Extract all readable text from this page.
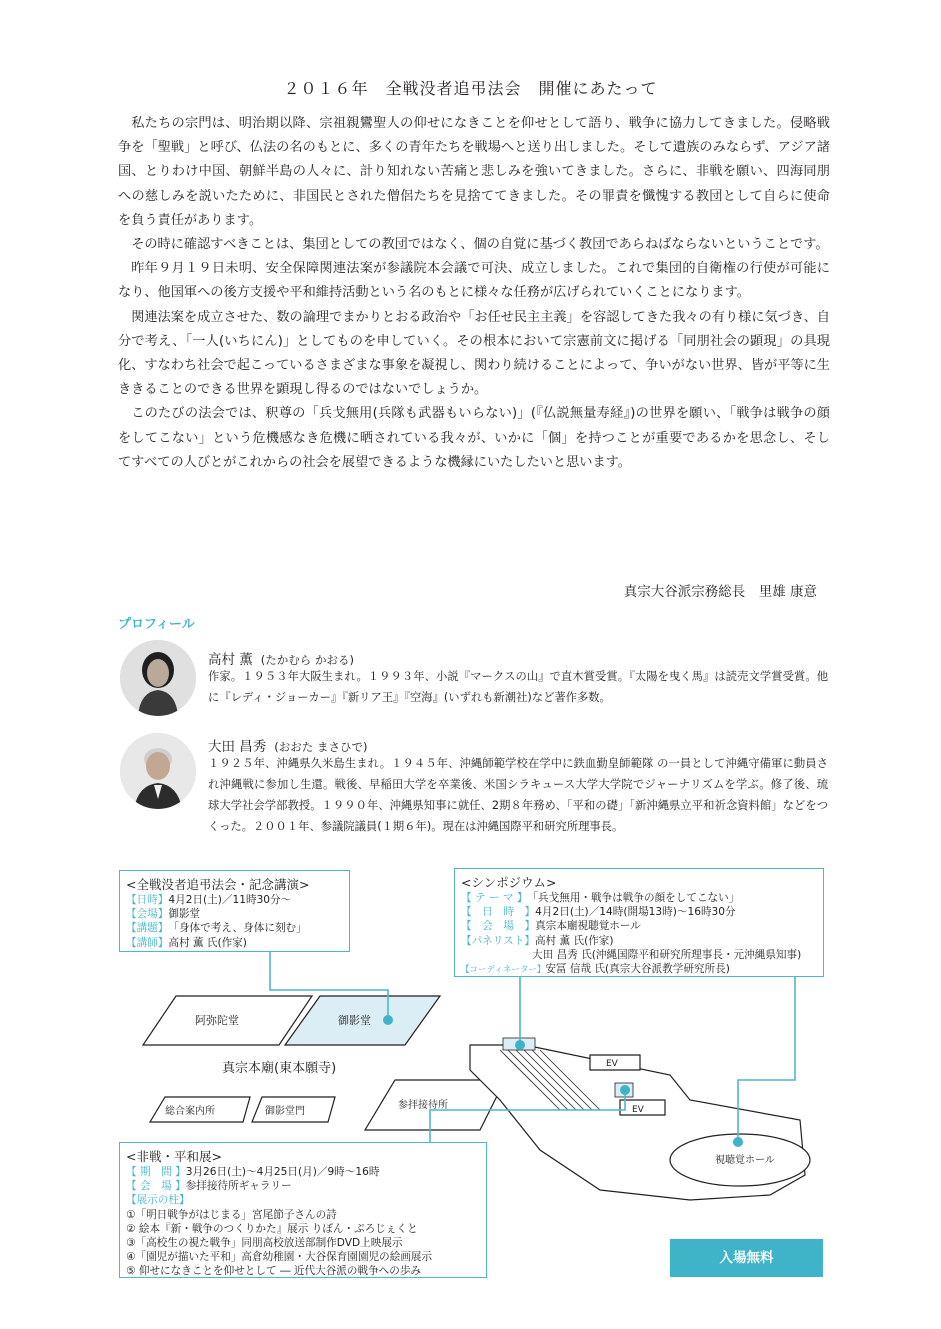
２０１６年　全戦没者追弔法会　開催にあたって

私たちの宗門は、明治期以降、宗祖親鸞聖人の仰せになきことを仰せとして語り、戦争に協力してきました。侵略戦争を「聖戦」と呼び、仏法の名のもとに、多くの青年たちを戦場へと送り出しました。そして遺族のみならず、アジア諸国、とりわけ中国、朝鮮半島の人々に、計り知れない苦痛と悲しみを強いてきました。さらに、非戦を願い、四海同朋への慈しみを説いたために、非国民とされた僧侶たちを見捨ててきました。その罪責を懺愧する教団として自らに使命を負う責任があります。

その時に確認すべきことは、集団としての教団ではなく、個の自覚に基づく教団であらねばならないということです。

昨年９月１９日未明、安全保障関連法案が参議院本会議で可決、成立しました。これで集団的自衛権の行使が可能になり、他国軍への後方支援や平和維持活動という名のもとに様々な任務が広げられていくことになります。

関連法案を成立させた、数の論理でまかりとおる政治や「お任せ民主主義」を容認してきた我々の有り様に気づき、自分で考え、「一人(いちにん)」としてものを申していく。その根本において宗憲前文に掲げる「同朋社会の顕現」の具現化、すなわち社会で起こっているさまざまな事象を凝視し、関わり続けることによって、争いがない世界、皆が平等に生ききることのできる世界を顕現し得るのではないでしょうか。

このたびの法会では、釈尊の「兵戈無用(兵隊も武器もいらない)」(『仏説無量寿経』)の世界を願い、「戦争は戦争の顔をしてこない」という危機感なき危機に晒されている我々が、いかに「個」を持つことが重要であるかを思念し、そしてすべての人びとがこれからの社会を展望できるような機縁にいたしたいと思います。

真宗大谷派宗務総長　里雄 康意
プロフィール
高村 薫 (たかむら かおる)
作家。１９５３年大阪生まれ。１９９３年、小説『マークスの山』で直木賞受賞。『太陽を曳く馬』は読売文学賞受賞。他に『レディ・ジョーカー』『新リア王』『空海』(いずれも新潮社)など著作多数。
大田 昌秀 (おおた まさひで)
１９２５年、沖縄県久米島生まれ。１９４５年、沖縄師範学校在学中に鉄血勤皇師範隊 の一員として沖縄守備軍に動員され沖縄戦に参加し生還。戦後、早稲田大学を卒業後、米国シラキュース大学大学院でジャーナリズムを学ぶ。修了後、琉球大学社会学部教授。１９９０年、沖縄県知事に就任、2期８年務め、「平和の礎」「新沖縄県立平和祈念資料館」などをつくった。２００１年、参議院議員(１期６年)。現在は沖縄国際平和研究所理事長。
阿弥陀堂	御影堂
総合案内所	御影堂門
参拝接待所
EV
EV
視聴覚ホール
真宗本廟(東本願寺)
<全戦没者追弔法会・記念講演>
【日時】4月2日(土)／11時30分～
【会場】御影堂
【講題】「身体で考え、身体に刻む」
【講師】高村 薫 氏(作家)
<シンポジウム>
【 テ ー マ 】「兵戈無用・戦争は戦争の顔をしてこない」
【　日　時　】4月2日(土)／14時(開場13時)～16時30分
【　会　場　】真宗本廟視聴覚ホール
【パネリスト】高村 薫 氏(作家)
大田 昌秀 氏(沖縄国際平和研究所理事長・元沖縄県知事)
【コーディネーター】安冨 信哉 氏(真宗大谷派教学研究所長)
<非戦・平和展>
【 期　間 】3月26日(土)～4月25日(月)／9時～16時
【 会　場 】参拝接待所ギャラリー
【展示の柱】
①「明日戦争がはじまる」宮尾節子さんの詩
② 絵本『新・戦争のつくりかた』展示 りぼん・ぷろじぇくと
③「高校生の視た戦争」同朋高校放送部制作DVD上映展示
④「園児が描いた平和」高倉幼稚園・大谷保育園園児の絵画展示
⑤ 仰せになきことを仰せとして ― 近代大谷派の戦争への歩み
入場無料
